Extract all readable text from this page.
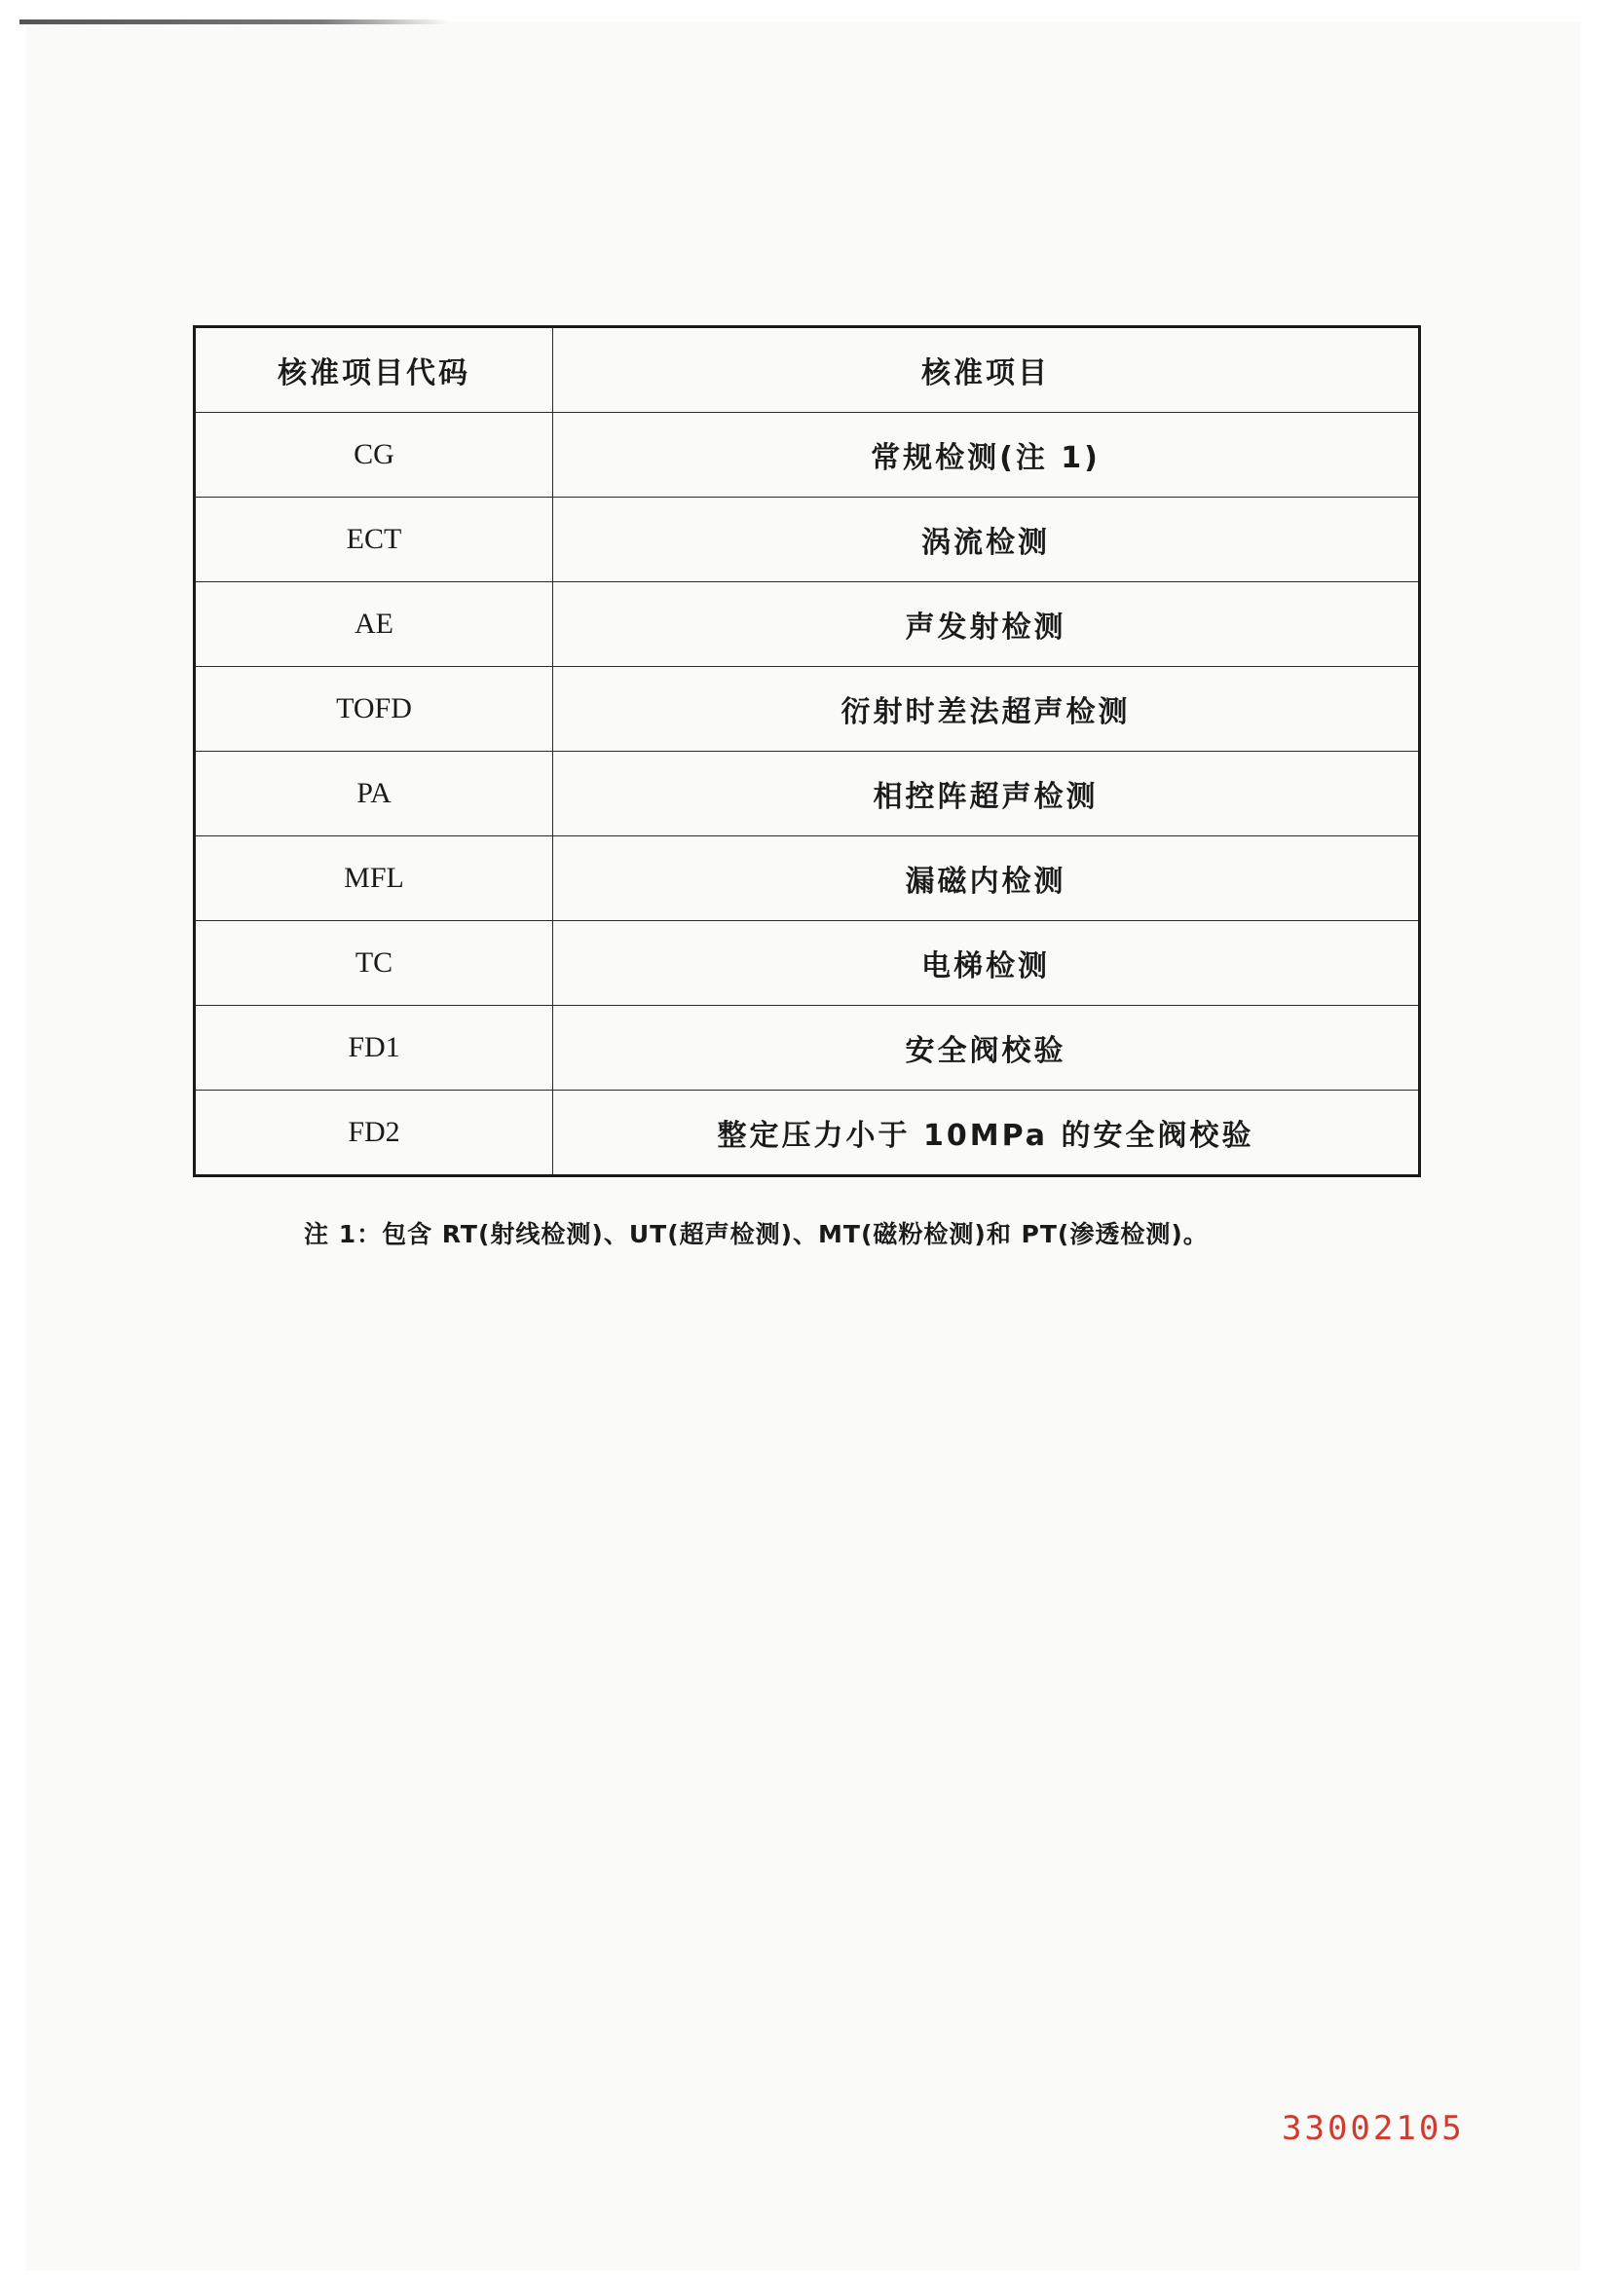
核准项目代码	核准项目
CG	常规检测(注 1)
ECT	涡流检测
AE	声发射检测
TOFD	衍射时差法超声检测
PA	相控阵超声检测
MFL	漏磁内检测
TC	电梯检测
FD1	安全阀校验
FD2	整定压力小于 10MPa 的安全阀校验
注 1：包含 RT(射线检测)、UT(超声检测)、MT(磁粉检测)和 PT(渗透检测)。
33002105
